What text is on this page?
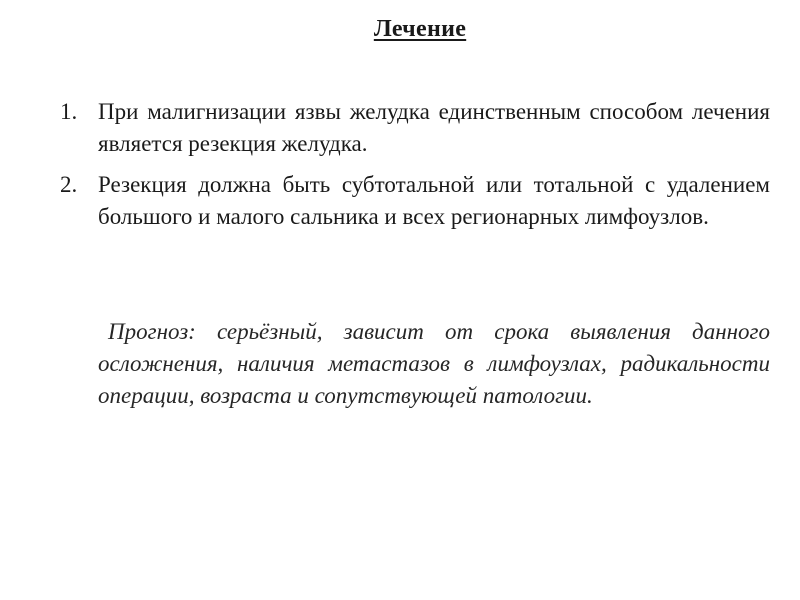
Лечение
1. При малигнизации язвы желудка единственным способом лечения является резекция желудка.
2. Резекция должна быть субтотальной или тотальной с удалением большого и малого сальника и всех регионарных лимфоузлов.

Прогноз: серьёзный, зависит от срока выявления данного осложнения, наличия метастазов в лимфоузлах, радикальности операции, возраста и сопутствующей патологии.
